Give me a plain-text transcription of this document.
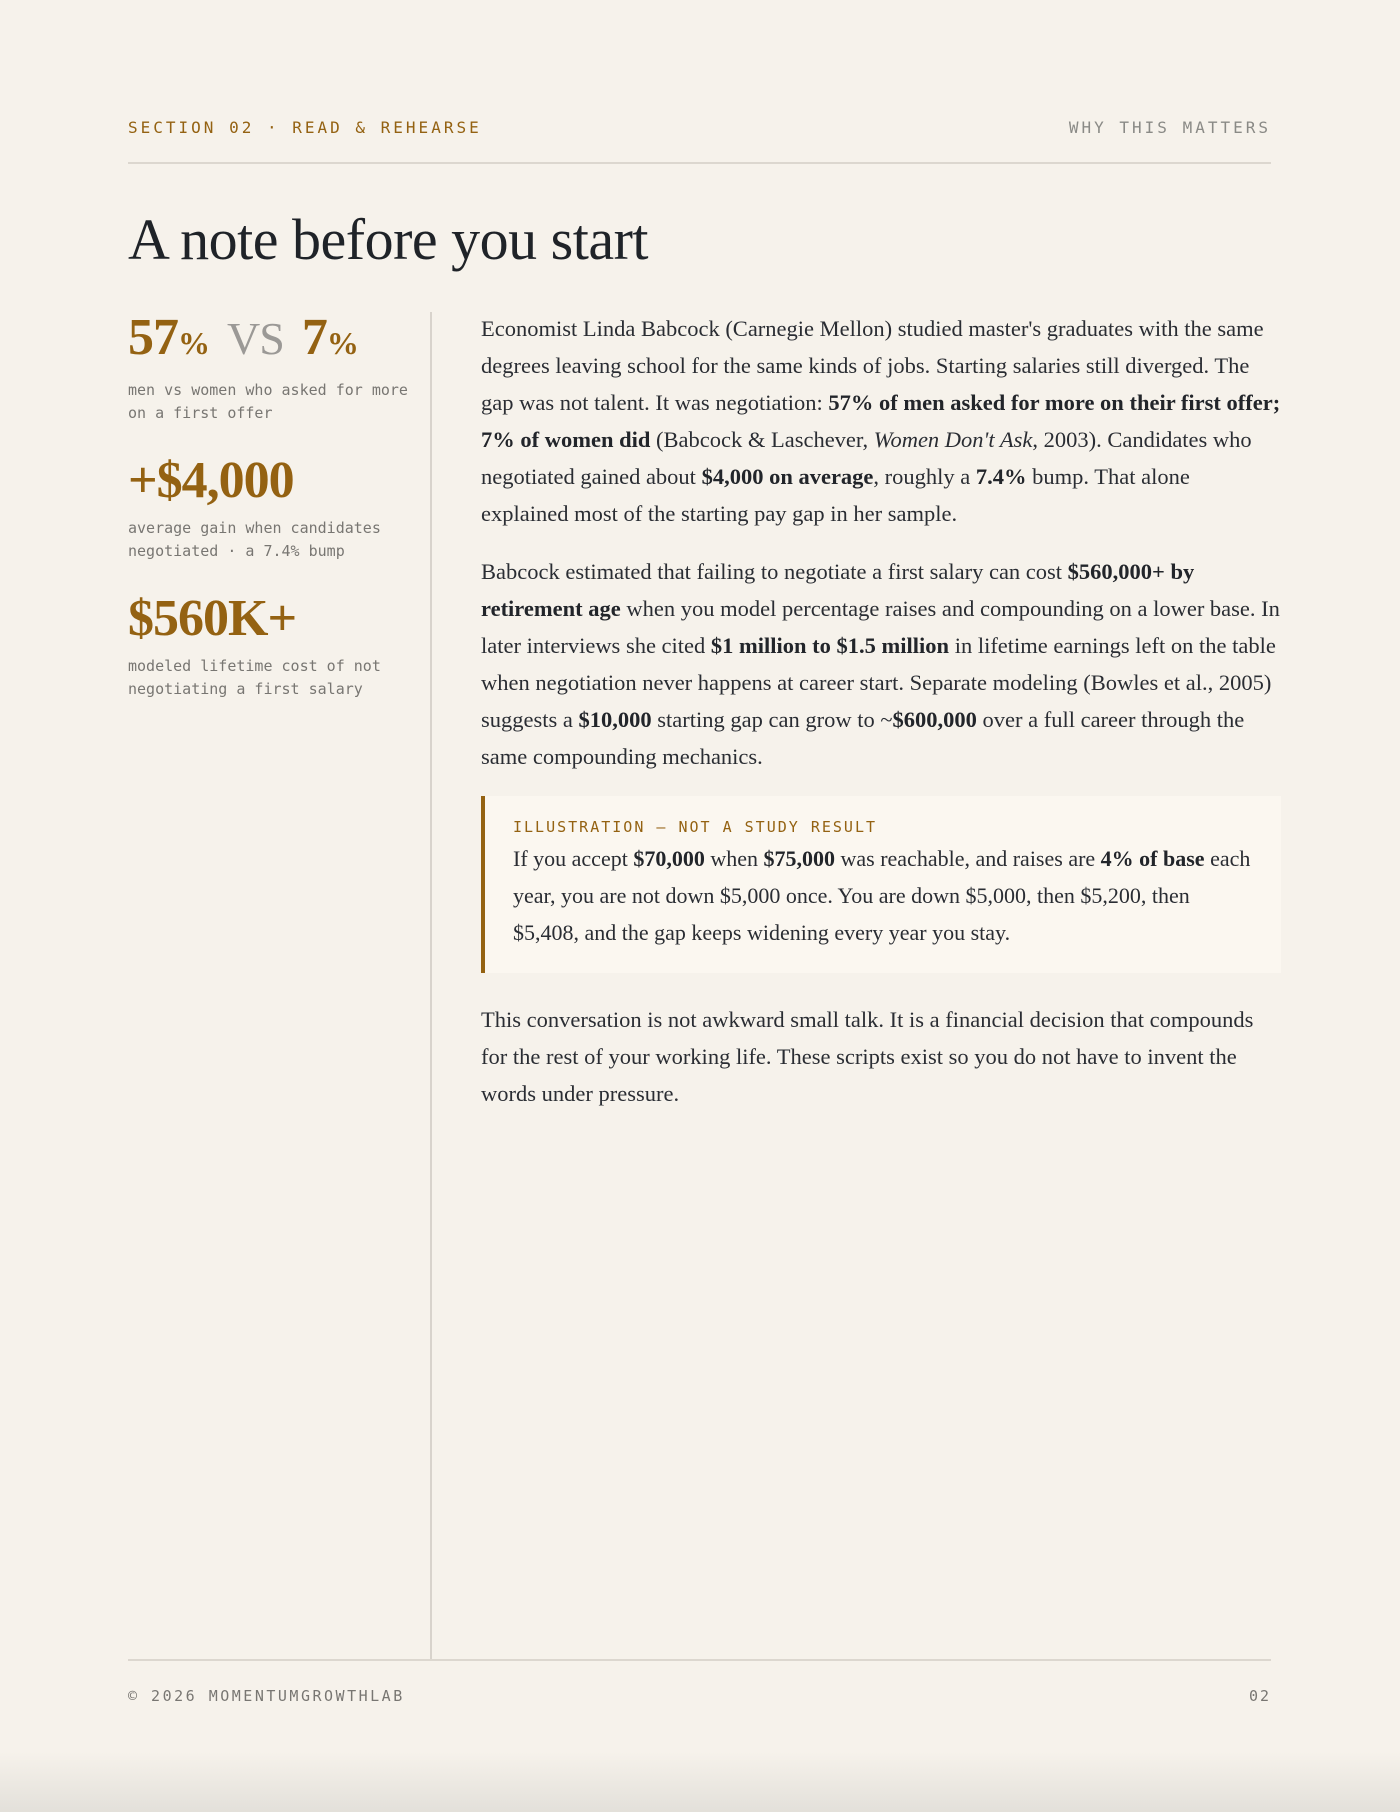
SECTION 02 · READ & REHEARSE	WHY THIS MATTERS
A note before you start
57% VS 7%
men vs women who asked for more on a first offer
+$4,000
average gain when candidates negotiated · a 7.4% bump
$560K+
modeled lifetime cost of not negotiating a first salary

Economist Linda Babcock (Carnegie Mellon) studied master's graduates with the same degrees leaving school for the same kinds of jobs. Starting salaries still diverged. The gap was not talent. It was negotiation: 57% of men asked for more on their first offer; 7% of women did (Babcock & Laschever, Women Don't Ask, 2003). Candidates who negotiated gained about $4,000 on average, roughly a 7.4% bump. That alone explained most of the starting pay gap in her sample.

Babcock estimated that failing to negotiate a first salary can cost $560,000+ by retirement age when you model percentage raises and compounding on a lower base. In later interviews she cited $1 million to $1.5 million in lifetime earnings left on the table when negotiation never happens at career start. Separate modeling (Bowles et al., 2005) suggests a $10,000 starting gap can grow to ~$600,000 over a full career through the same compounding mechanics.

ILLUSTRATION — NOT A STUDY RESULT

If you accept $70,000 when $75,000 was reachable, and raises are 4% of base each year, you are not down $5,000 once. You are down $5,000, then $5,200, then $5,408, and the gap keeps widening every year you stay.

This conversation is not awkward small talk. It is a financial decision that compounds for the rest of your working life. These scripts exist so you do not have to invent the words under pressure.

© 2026 MOMENTUMGROWTHLAB	02
